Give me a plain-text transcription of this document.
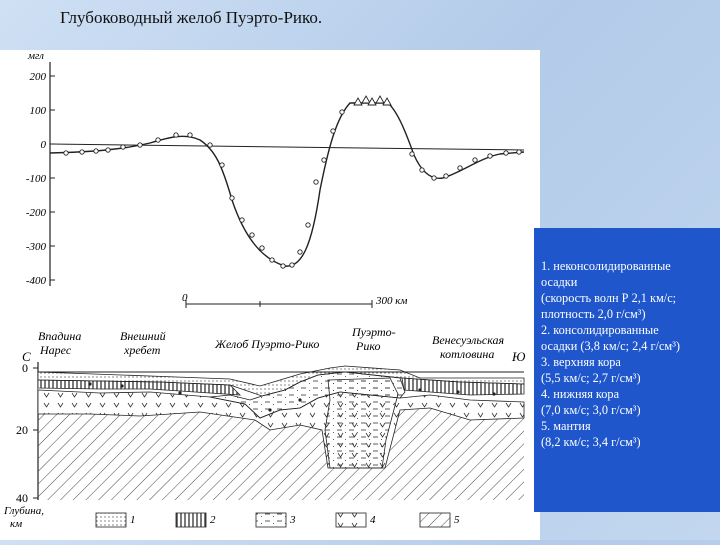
Глубоководный желоб Пуэрто-Рико.
мгл
200
100
0
-100
-200
-300
-400
0	300 км
С	Ю
Впадина Нарес
Внешний хребет	Желоб Пуэрто-Рико
Пуэрто-Рико	Венесуэльская котловина
0
20
40
Глубина, км	1	2	3	4	5
1. неконсолидированные
осадки
(скорость волн Р 2,1 км/с;
плотность 2,0 г/см³)
2. консолидированные
осадки (3,8 км/с; 2,4 г/см³)
3. верхняя кора
(5,5 км/с; 2,7 г/см³)
4. нижняя кора
(7,0 км/с; 3,0 г/см³)
5. мантия
(8,2 км/с; 3,4 г/см³)
